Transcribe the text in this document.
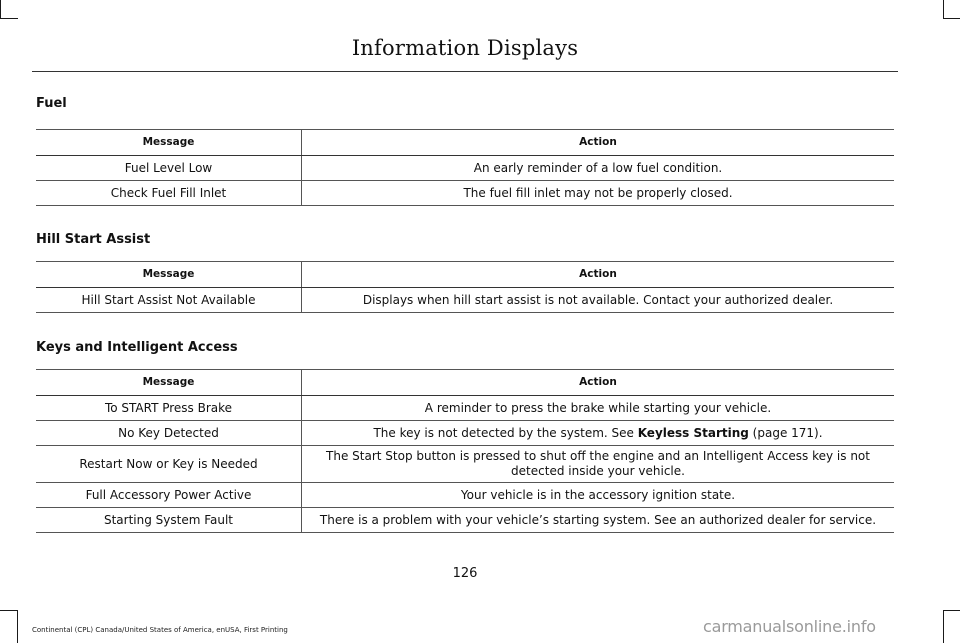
Information Displays
Fuel
Message	Action
Fuel Level Low	An early reminder of a low fuel condition.
Check Fuel Fill Inlet	The fuel fill inlet may not be properly closed.
Hill Start Assist
Message	Action
Hill Start Assist Not Available	Displays when hill start assist is not available. Contact your authorized dealer.
Keys and Intelligent Access
Message	Action
To START Press Brake	A reminder to press the brake while starting your vehicle.
No Key Detected	The key is not detected by the system. See Keyless Starting (page 171).
Restart Now or Key is Needed	The Start Stop button is pressed to shut off the engine and an Intelligent Access key is not detected inside your vehicle.
Full Accessory Power Active	Your vehicle is in the accessory ignition state.
Starting System Fault	There is a problem with your vehicle’s starting system. See an authorized dealer for service.
126
Continental (CPL) Canada/United States of America, enUSA, First Printing	carmanualsonline.info
